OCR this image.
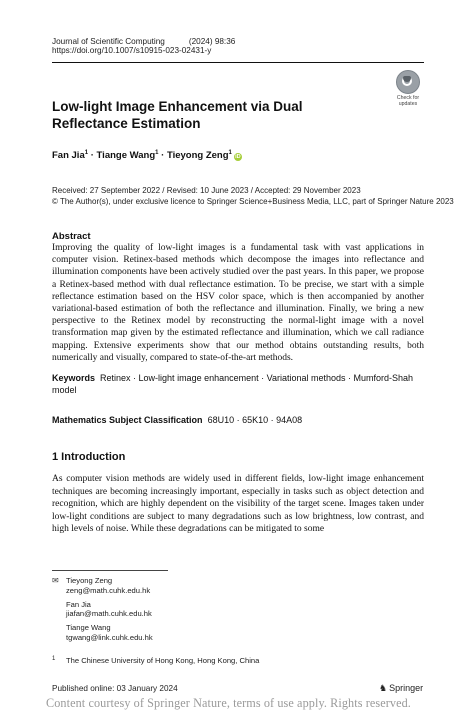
Journal of Scientific Computing	(2024) 98:36
https://doi.org/10.1007/s10915-023-02431-y
Check for updates
Low-light Image Enhancement via Dual Reflectance Estimation
Fan Jia$^1$ · Tiange Wang$^1$ · Tieyong Zeng$^1$iD
Received: 27 September 2022 / Revised: 10 June 2023 / Accepted: 29 November 2023
© The Author(s), under exclusive licence to Springer Science+Business Media, LLC, part of Springer Nature 2023
Abstract
Improving the quality of low-light images is a fundamental task with vast applications in computer vision. Retinex-based methods which decompose the images into reflectance and illumination components have been actively studied over the past years. In this paper, we propose a Retinex-based method with dual reflectance estimation. To be precise, we start with a simple reflectance estimation based on the HSV color space, which is then accompanied by another variational-based estimation of both the reflectance and illumination. Finally, we bring a new perspective to the Retinex model by reconstructing the normal-light image with a novel transformation map given by the estimated reflectance and illumination, which we call radiance mapping. Extensive experiments show that our method obtains outstanding results, both numerically and visually, compared to state-of-the-art methods.
Keywords Retinex · Low-light image enhancement · Variational methods · Mumford-Shah model
Mathematics Subject Classification 68U10 · 65K10 · 94A08
1 Introduction
As computer vision methods are widely used in different fields, low-light image enhancement techniques are becoming increasingly important, especially in tasks such as object detection and recognition, which are highly dependent on the visibility of the target scene. Images taken under low-light conditions are subject to many degradations such as low brightness, low contrast, and high levels of noise. While these degradations can be mitigated to some
✉ Tieyong Zeng
zeng@math.cuhk.edu.hk
Fan Jia
jiafan@math.cuhk.edu.hk
Tiange Wang
tgwang@link.cuhk.edu.hk
1	The Chinese University of Hong Kong, Hong Kong, China
Published online: 03 January 2024	♞ Springer
Content courtesy of Springer Nature, terms of use apply. Rights reserved.
